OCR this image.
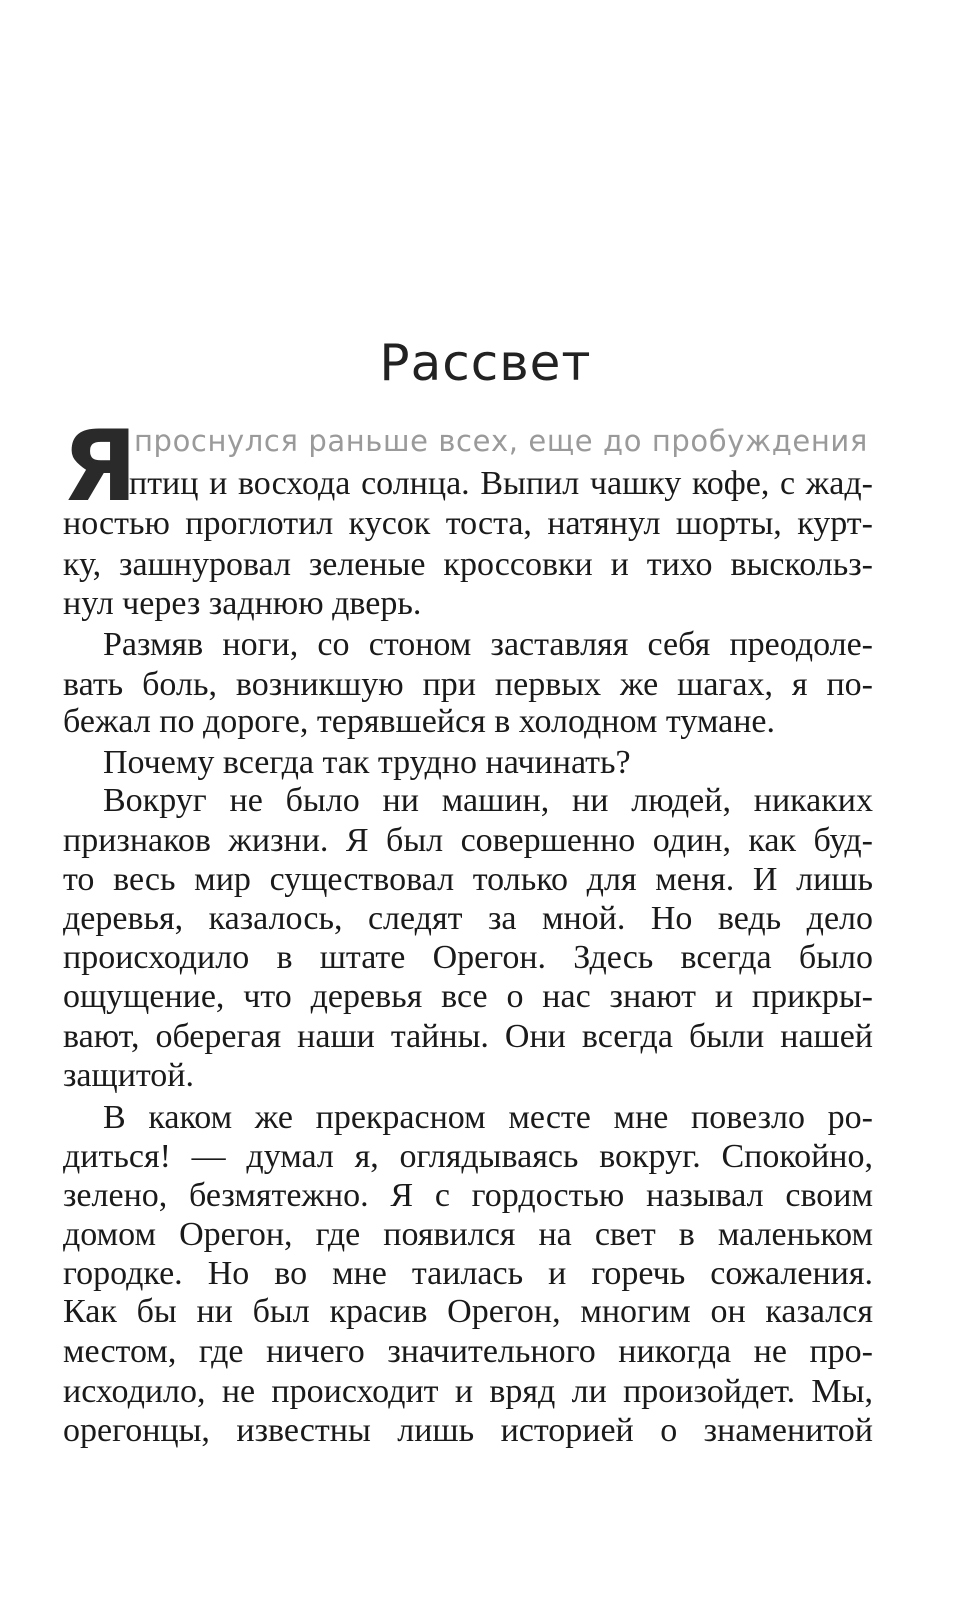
Рассвет
Я
проснулся раньше всех, еще до пробуждения
птиц и восхода солнца. Выпил чашку кофе, с жад-
ностью проглотил кусок тоста, натянул шорты, курт-
ку, зашнуровал зеленые кроссовки и тихо выскольз-
нул через заднюю дверь.
Размяв ноги, со стоном заставляя себя преодоле-
вать боль, возникшую при первых же шагах, я по-
бежал по дороге, терявшейся в холодном тумане.
Почему всегда так трудно начинать?
Вокруг не было ни машин, ни людей, никаких
признаков жизни. Я был совершенно один, как буд-
то весь мир существовал только для меня. И лишь
деревья, казалось, следят за мной. Но ведь дело
происходило в штате Орегон. Здесь всегда было
ощущение, что деревья все о нас знают и прикры-
вают, оберегая наши тайны. Они всегда были нашей
защитой.
В каком же прекрасном месте мне повезло ро-
диться! — думал я, оглядываясь вокруг. Спокойно,
зелено, безмятежно. Я с гордостью называл своим
домом Орегон, где появился на свет в маленьком
городке. Но во мне таилась и горечь сожаления.
Как бы ни был красив Орегон, многим он казался
местом, где ничего значительного никогда не про-
исходило, не происходит и вряд ли произойдет. Мы,
орегонцы, известны лишь историей о знаменитой
